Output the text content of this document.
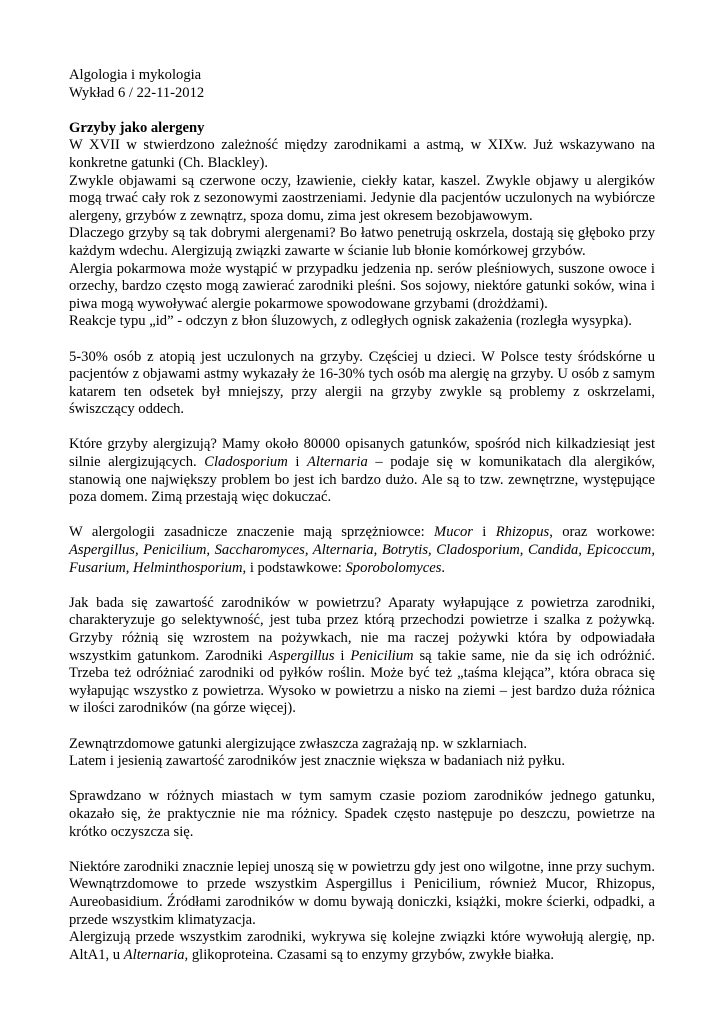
Algologia i mykologia

Wykład 6 / 22-11-2012

Grzyby jako alergeny

W XVII w stwierdzono zależność między zarodnikami a astmą, w XIXw. Już wskazywano na konkretne gatunki (Ch. Blackley).

Zwykle objawami są czerwone oczy, łzawienie, ciekły katar, kaszel. Zwykle objawy u alergików mogą trwać cały rok z sezonowymi zaostrzeniami. Jedynie dla pacjentów uczulonych na wybiórcze alergeny, grzybów z zewnątrz, spoza domu, zima jest okresem bezobjawowym.

Dlaczego grzyby są tak dobrymi alergenami? Bo łatwo penetrują oskrzela, dostają się głęboko przy każdym wdechu. Alergizują związki zawarte w ścianie lub błonie komórkowej grzybów.

Alergia pokarmowa może wystąpić w przypadku jedzenia np. serów pleśniowych, suszone owoce i orzechy, bardzo często mogą zawierać zarodniki pleśni. Sos sojowy, niektóre gatunki soków, wina i piwa mogą wywoływać alergie pokarmowe spowodowane grzybami (drożdżami).

Reakcje typu „id” - odczyn z błon śluzowych, z odległych ognisk zakażenia (rozległa wysypka).

5-30% osób z atopią jest uczulonych na grzyby. Częściej u dzieci. W Polsce testy śródskórne u pacjentów z objawami astmy wykazały że 16-30% tych osób ma alergię na grzyby. U osób z samym katarem ten odsetek był mniejszy, przy alergii na grzyby zwykle są problemy z oskrzelami, świszczący oddech.

Które grzyby alergizują? Mamy około 80000 opisanych gatunków, spośród nich kilkadziesiąt jest silnie alergizujących. Cladosporium i Alternaria – podaje się w komunikatach dla alergików, stanowią one największy problem bo jest ich bardzo dużo. Ale są to tzw. zewnętrzne, występujące poza domem. Zimą przestają więc dokuczać.

W alergologii zasadnicze znaczenie mają sprzężniowce: Mucor i Rhizopus, oraz workowe: Aspergillus, Penicilium, Saccharomyces, Alternaria, Botrytis, Cladosporium, Candida, Epicoccum, Fusarium, Helminthosporium, i podstawkowe: Sporobolomyces.

Jak bada się zawartość zarodników w powietrzu? Aparaty wyłapujące z powietrza zarodniki, charakteryzuje go selektywność, jest tuba przez którą przechodzi powietrze i szalka z pożywką. Grzyby różnią się wzrostem na pożywkach, nie ma raczej pożywki która by odpowiadała wszystkim gatunkom. Zarodniki Aspergillus i Penicilium są takie same, nie da się ich odróżnić. Trzeba też odróżniać zarodniki od pyłków roślin. Może być też „taśma klejąca”, która obraca się wyłapując wszystko z powietrza. Wysoko w powietrzu a nisko na ziemi – jest bardzo duża różnica w ilości zarodników (na górze więcej).

Zewnątrzdomowe gatunki alergizujące zwłaszcza zagrażają np. w szklarniach.

Latem i jesienią zawartość zarodników jest znacznie większa w badaniach niż pyłku.

Sprawdzano w różnych miastach w tym samym czasie poziom zarodników jednego gatunku, okazało się, że praktycznie nie ma różnicy. Spadek często następuje po deszczu, powietrze na krótko oczyszcza się.

Niektóre zarodniki znacznie lepiej unoszą się w powietrzu gdy jest ono wilgotne, inne przy suchym. Wewnątrzdomowe to przede wszystkim Aspergillus i Penicilium, również Mucor, Rhizopus, Aureobasidium. Źródłami zarodników w domu bywają doniczki, książki, mokre ścierki, odpadki, a przede wszystkim klimatyzacja.

Alergizują przede wszystkim zarodniki, wykrywa się kolejne związki które wywołują alergię, np. AltA1, u Alternaria, glikoproteina. Czasami są to enzymy grzybów, zwykłe białka.
